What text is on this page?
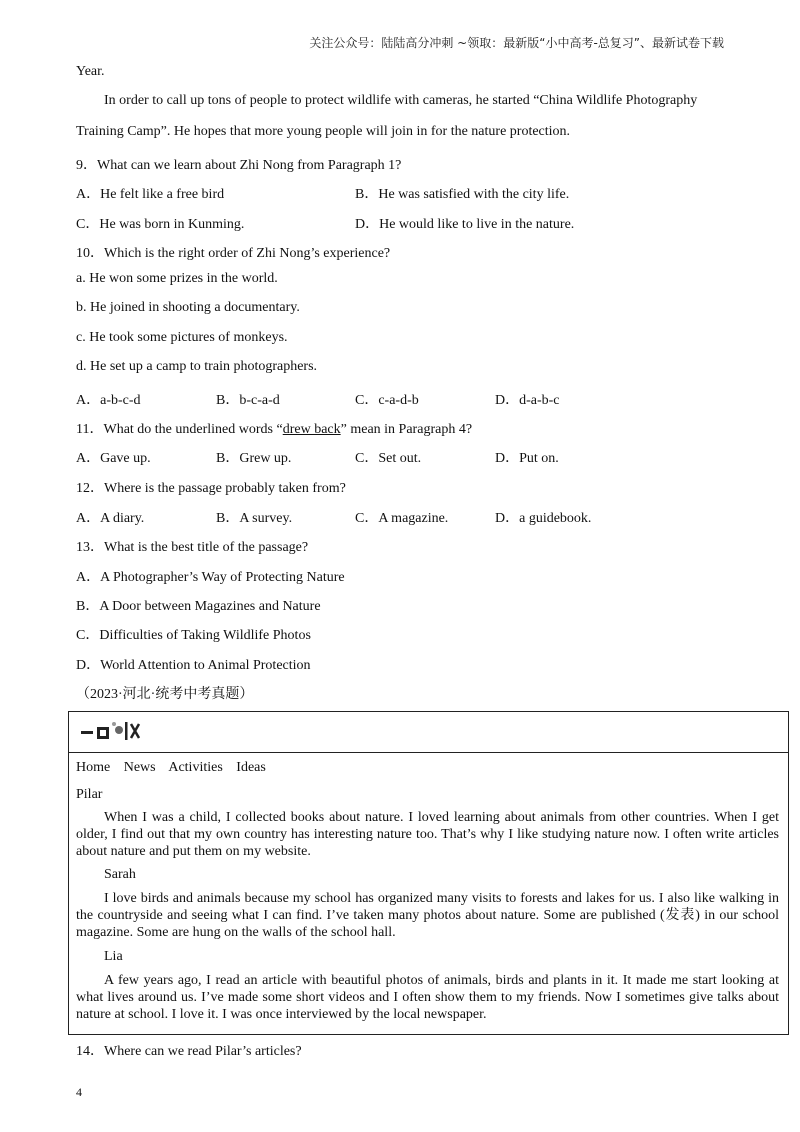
关注公众号：陆陆高分冲刺 ~领取：最新版“小中高考-总复习”、最新试卷下载
Year.
In order to call up tons of people to protect wildlife with cameras, he started “China Wildlife Photography
Training Camp”. He hopes that more young people will join in for the nature protection.
9．What can we learn about Zhi Nong from Paragraph 1?
A．He felt like a free bird	B．He was satisfied with the city life.
C．He was born in Kunming.	D．He would like to live in the nature.
10．Which is the right order of Zhi Nong’s experience?
a. He won some prizes in the world.
b. He joined in shooting a documentary.
c. He took some pictures of monkeys.
d. He set up a camp to train photographers.
A．a-b-c-d	B．b-c-a-d	C．c-a-d-b	D．d-a-b-c
11．What do the underlined words “drew back” mean in Paragraph 4?
A．Gave up.	B．Grew up.	C．Set out.	D．Put on.
12．Where is the passage probably taken from?
A．A diary.	B．A survey.	C．A magazine.	D．a guidebook.
13．What is the best title of the passage?
A．A Photographer’s Way of Protecting Nature
B．A Door between Magazines and Nature
C．Difficulties of Taking Wildlife Photos
D．World Attention to Animal Protection
（2023·河北·统考中考真题）
Home News Activities Ideas
Pilar
When I was a child, I collected books about nature. I loved learning about animals from other countries. When I get older, I find out that my own country has interesting nature too. That’s why I like studying nature now. I often write articles about nature and put them on my website.
Sarah
I love birds and animals because my school has organized many visits to forests and lakes for us. I also like walking in the countryside and seeing what I can find. I’ve taken many photos about nature. Some are published (发表) in our school magazine. Some are hung on the walls of the school hall.
Lia
A few years ago, I read an article with beautiful photos of animals, birds and plants in it. It made me start looking at what lives around us. I’ve made some short videos and I often show them to my friends. Now I sometimes give talks about nature at school. I love it. I was once interviewed by the local newspaper.
14．Where can we read Pilar’s articles?
4
